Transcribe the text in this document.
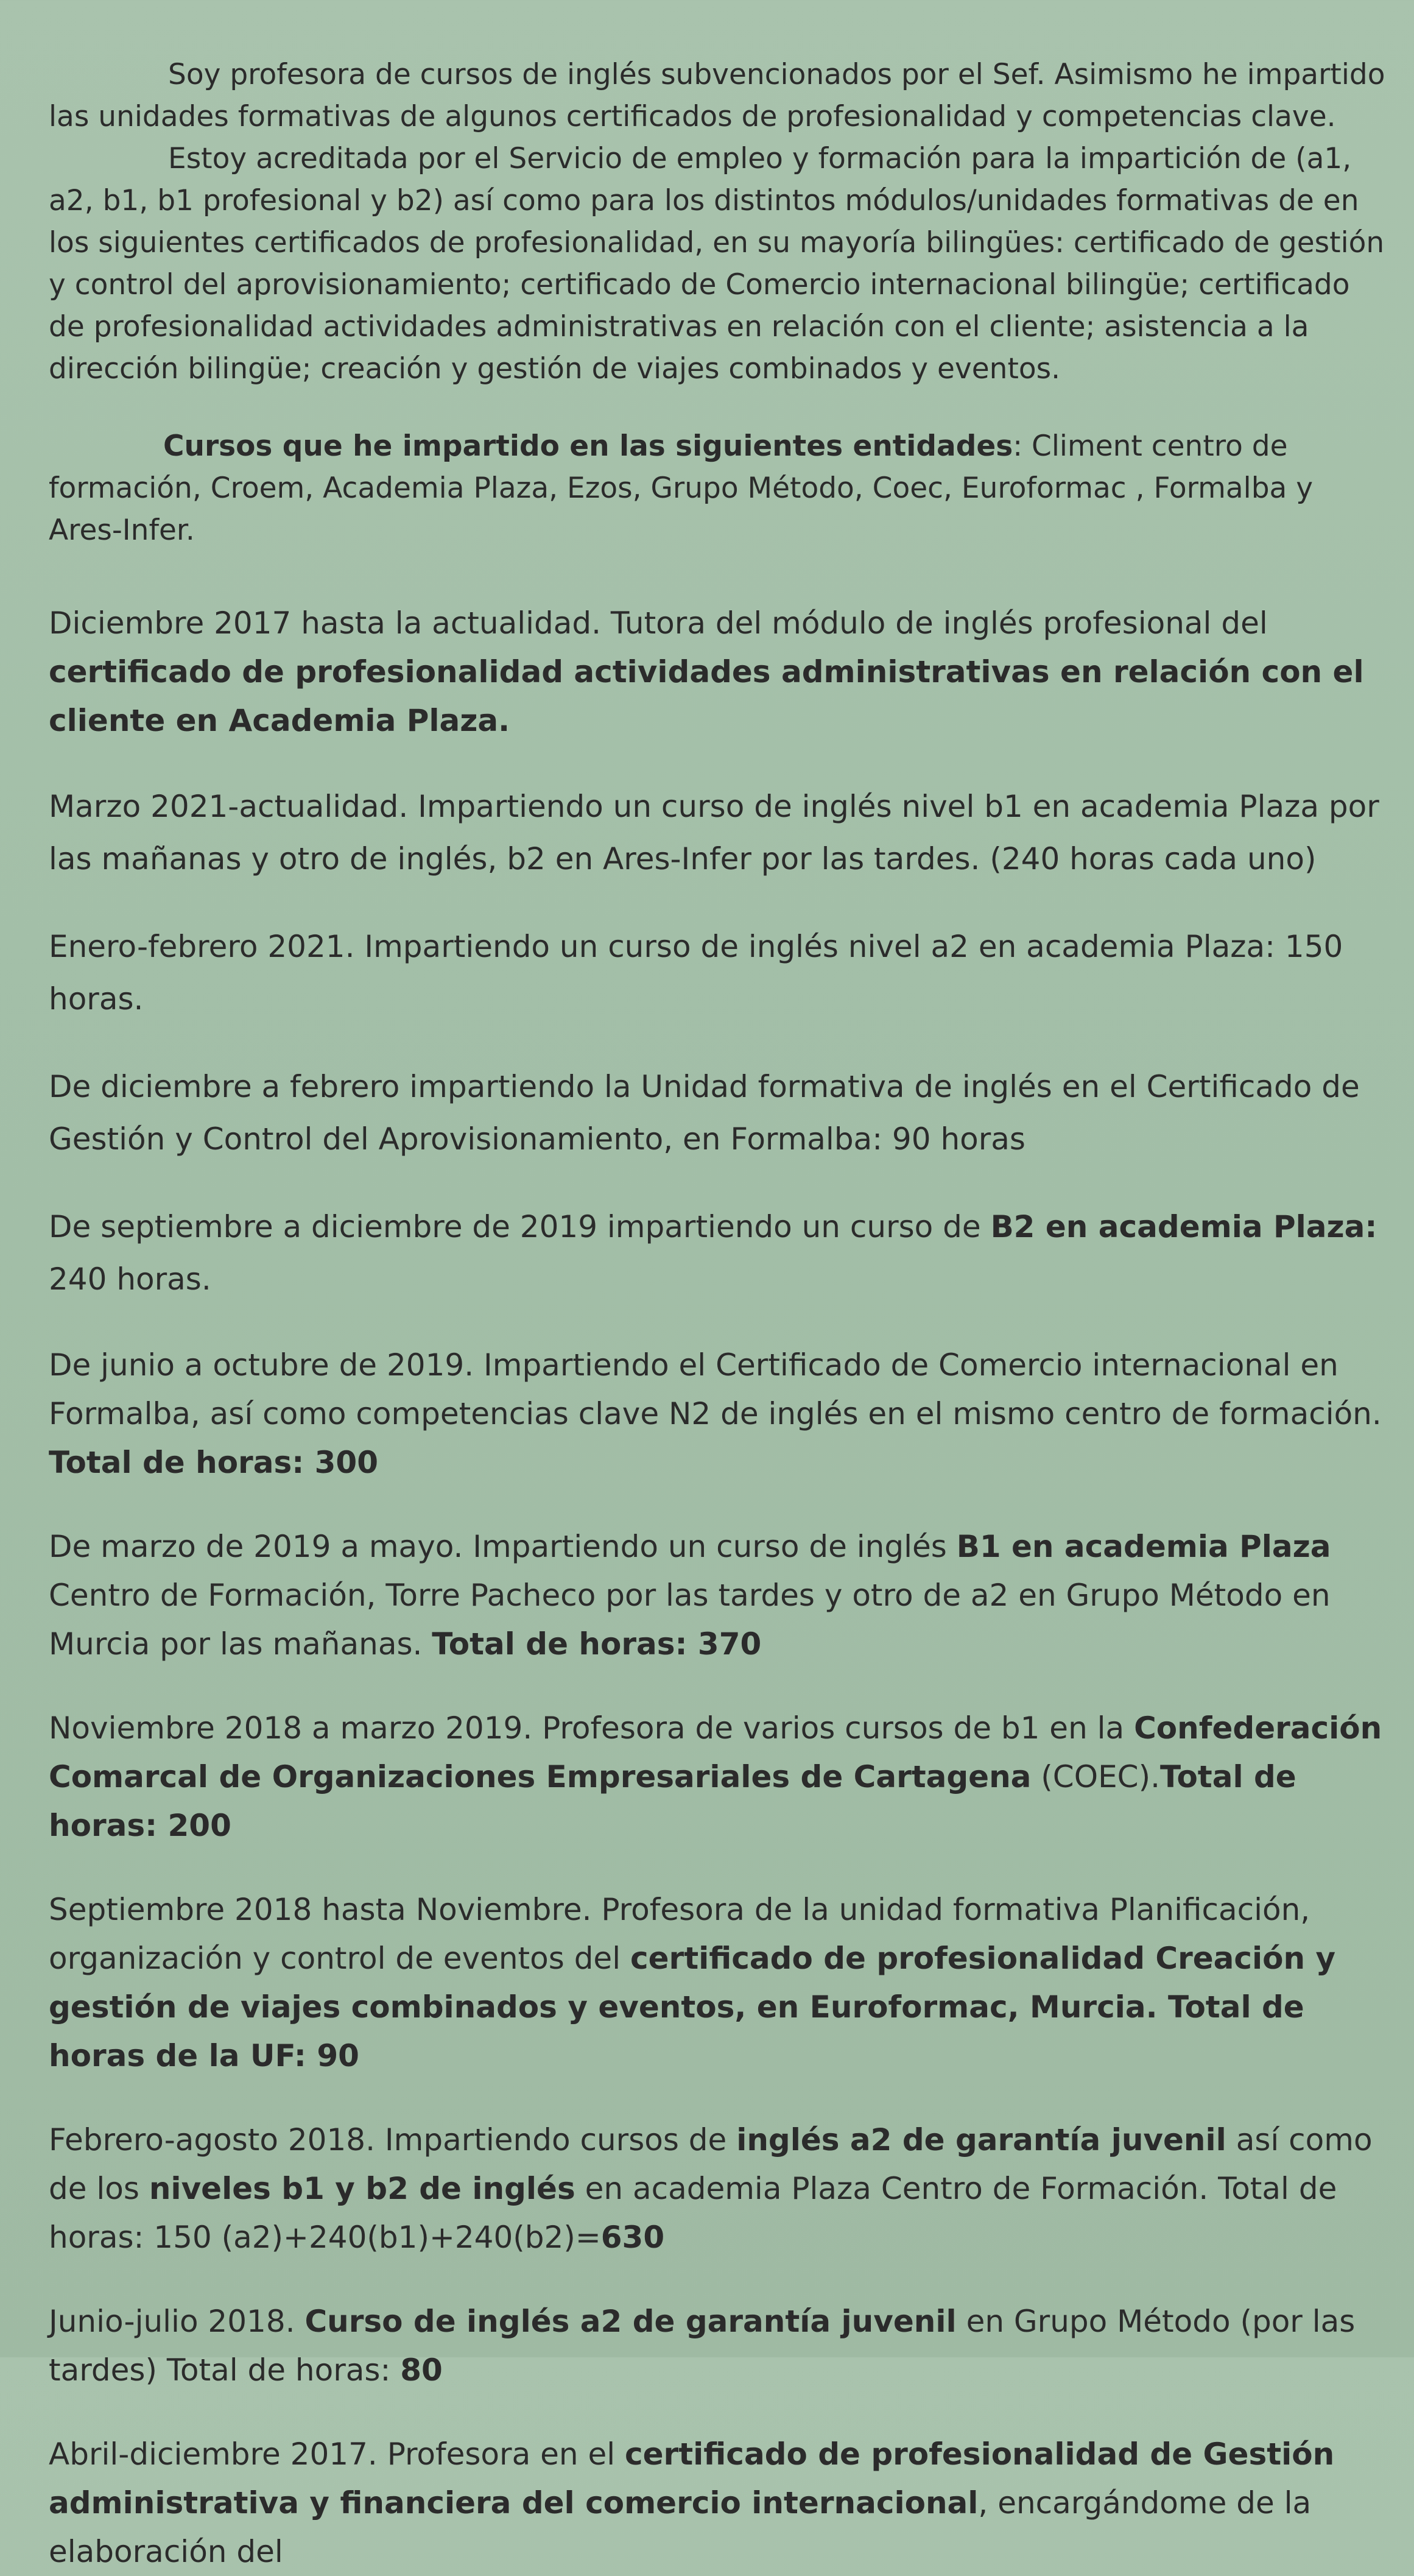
Soy profesora de cursos de inglés subvencionados por el Sef. Asimismo he impartido las unidades formativas de algunos certificados de profesionalidad y competencias clave.

Estoy acreditada por el Servicio de empleo y formación para la impartición de (a1, a2, b1, b1 profesional y b2) así como para los distintos módulos/unidades formativas de en los siguientes certificados de profesionalidad, en su mayoría bilingües: certificado de gestión y control del aprovisionamiento; certificado de Comercio internacional bilingüe; certificado de profesionalidad actividades administrativas en relación con el cliente; asistencia a la dirección bilingüe; creación y gestión de viajes combinados y eventos.

Cursos que he impartido en las siguientes entidades: Climent centro de formación, Croem, Academia Plaza, Ezos, Grupo Método, Coec, Euroformac , Formalba y Ares-Infer.

Diciembre 2017 hasta la actualidad. Tutora del módulo de inglés profesional del certificado de profesionalidad actividades administrativas en relación con el cliente en Academia Plaza.

Marzo 2021-actualidad. Impartiendo un curso de inglés nivel b1 en academia Plaza por las mañanas y otro de inglés, b2 en Ares-Infer por las tardes. (240 horas cada uno)

Enero-febrero 2021. Impartiendo un curso de inglés nivel a2 en academia Plaza: 150 horas.

De diciembre a febrero impartiendo la Unidad formativa de inglés en el Certificado de Gestión y Control del Aprovisionamiento, en Formalba: 90 horas

De septiembre a diciembre de 2019 impartiendo un curso de B2 en academia Plaza: 240 horas.

De junio a octubre de 2019. Impartiendo el Certificado de Comercio internacional en Formalba, así como competencias clave N2 de inglés en el mismo centro de formación. Total de horas: 300

De marzo de 2019 a mayo. Impartiendo un curso de inglés B1 en academia Plaza Centro de Formación, Torre Pacheco por las tardes y otro de a2 en Grupo Método en Murcia por las mañanas. Total de horas: 370

Noviembre 2018 a marzo 2019. Profesora de varios cursos de b1 en la Confederación Comarcal de Organizaciones Empresariales de Cartagena (COEC).Total de horas: 200

Septiembre 2018 hasta Noviembre. Profesora de la unidad formativa Planificación, organización y control de eventos del certificado de profesionalidad Creación y gestión de viajes combinados y eventos, en Euroformac, Murcia. Total de horas de la UF: 90

Febrero-agosto 2018. Impartiendo cursos de inglés a2 de garantía juvenil así como de los niveles b1 y b2 de inglés en academia Plaza Centro de Formación. Total de horas: 150 (a2)+240(b1)+240(b2)=630

Junio-julio 2018. Curso de inglés a2 de garantía juvenil en Grupo Método (por las tardes) Total de horas: 80

Abril-diciembre 2017. Profesora en el certificado de profesionalidad de Gestión administrativa y financiera del comercio internacional, encargándome de la elaboración del
